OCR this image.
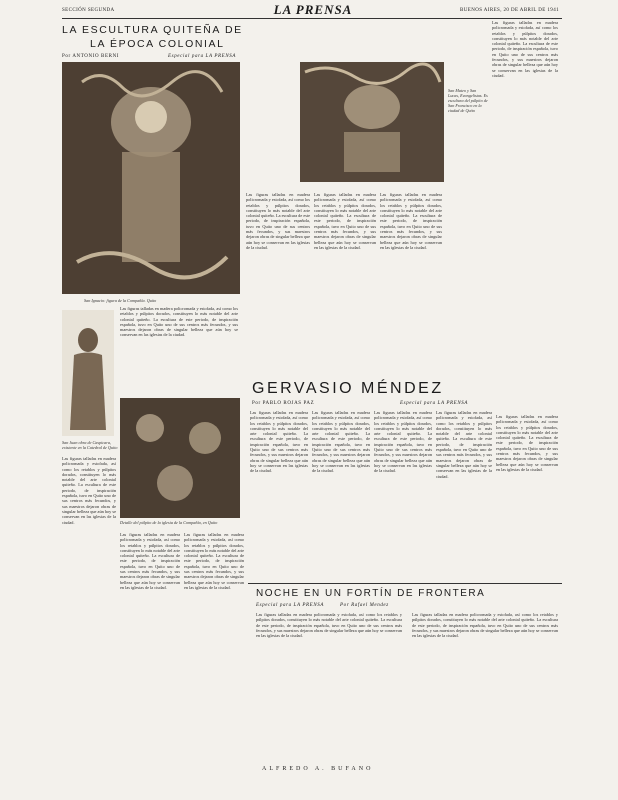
SECCIÓN SEGUNDA	LA PRENSA	BUENOS AIRES, 20 DE ABRIL DE 1941
LA ESCULTURA QUITEÑA DE
LA ÉPOCA COLONIAL
Por ANTONIO BERNI	Especial para LA PRENSA
San Ignacio: figura de la Compañía. Quito
Las figuras talladas en madera policromada y estofada, así como los retablos y púlpitos dorados, constituyen lo más notable del arte colonial quiteño. La escultura de este periodo, de inspiración española, tuvo en Quito uno de sus centros más fecundos, y sus maestros dejaron obras de singular belleza que aún hoy se conservan en las iglesias de la ciudad.
Las figuras talladas en madera policromada y estofada, así como los retablos y púlpitos dorados, constituyen lo más notable del arte colonial quiteño. La escultura de este periodo, de inspiración española, tuvo en Quito uno de sus centros más fecundos, y sus maestros dejaron obras de singular belleza que aún hoy se conservan en las iglesias de la ciudad.
Las figuras talladas en madera policromada y estofada, así como los retablos y púlpitos dorados, constituyen lo más notable del arte colonial quiteño. La escultura de este periodo, de inspiración española, tuvo en Quito uno de sus centros más fecundos, y sus maestros dejaron obras de singular belleza que aún hoy se conservan en las iglesias de la ciudad.
San Mateo y San Lucas, Evangelistas. Es escultura del púlpito de San Francisco en la ciudad de Quito
Las figuras talladas en madera policromada y estofada, así como los retablos y púlpitos dorados, constituyen lo más notable del arte colonial quiteño. La escultura de este periodo, de inspiración española, tuvo en Quito uno de sus centros más fecundos, y sus maestros dejaron obras de singular belleza que aún hoy se conservan en las iglesias de la ciudad.
Las figuras talladas en madera policromada y estofada, así como los retablos y púlpitos dorados, constituyen lo más notable del arte colonial quiteño. La escultura de este periodo, de inspiración española, tuvo en Quito uno de sus centros más fecundos, y sus maestros dejaron obras de singular belleza que aún hoy se conservan en las iglesias de la ciudad.
San Juan obra de Caspicara, existente en la Catedral de Quito
Detalle del púlpito de la iglesia de la Compañía, en Quito
Las figuras talladas en madera policromada y estofada, así como los retablos y púlpitos dorados, constituyen lo más notable del arte colonial quiteño. La escultura de este periodo, de inspiración española, tuvo en Quito uno de sus centros más fecundos, y sus maestros dejaron obras de singular belleza que aún hoy se conservan en las iglesias de la ciudad.
Las figuras talladas en madera policromada y estofada, así como los retablos y púlpitos dorados, constituyen lo más notable del arte colonial quiteño. La escultura de este periodo, de inspiración española, tuvo en Quito uno de sus centros más fecundos, y sus maestros dejaron obras de singular belleza que aún hoy se conservan en las iglesias de la ciudad.
Las figuras talladas en madera policromada y estofada, así como los retablos y púlpitos dorados, constituyen lo más notable del arte colonial quiteño. La escultura de este periodo, de inspiración española, tuvo en Quito uno de sus centros más fecundos, y sus maestros dejaron obras de singular belleza que aún hoy se conservan en las iglesias de la ciudad.
GERVASIO MÉNDEZ
Por PABLO ROJAS PAZ	Especial para LA PRENSA
Las figuras talladas en madera policromada y estofada, así como los retablos y púlpitos dorados, constituyen lo más notable del arte colonial quiteño. La escultura de este periodo, de inspiración española, tuvo en Quito uno de sus centros más fecundos, y sus maestros dejaron obras de singular belleza que aún hoy se conservan en las iglesias de la ciudad.
Las figuras talladas en madera policromada y estofada, así como los retablos y púlpitos dorados, constituyen lo más notable del arte colonial quiteño. La escultura de este periodo, de inspiración española, tuvo en Quito uno de sus centros más fecundos, y sus maestros dejaron obras de singular belleza que aún hoy se conservan en las iglesias de la ciudad.
Las figuras talladas en madera policromada y estofada, así como los retablos y púlpitos dorados, constituyen lo más notable del arte colonial quiteño. La escultura de este periodo, de inspiración española, tuvo en Quito uno de sus centros más fecundos, y sus maestros dejaron obras de singular belleza que aún hoy se conservan en las iglesias de la ciudad.
Las figuras talladas en madera policromada y estofada, así como los retablos y púlpitos dorados, constituyen lo más notable del arte colonial quiteño. La escultura de este periodo, de inspiración española, tuvo en Quito uno de sus centros más fecundos, y sus maestros dejaron obras de singular belleza que aún hoy se conservan en las iglesias de la ciudad.
Las figuras talladas en madera policromada y estofada, así como los retablos y púlpitos dorados, constituyen lo más notable del arte colonial quiteño. La escultura de este periodo, de inspiración española, tuvo en Quito uno de sus centros más fecundos, y sus maestros dejaron obras de singular belleza que aún hoy se conservan en las iglesias de la ciudad.
NOCHE EN UN FORTÍN DE FRONTERA
Especial para LA PRENSA	Por Rafael Mendez
Las figuras talladas en madera policromada y estofada, así como los retablos y púlpitos dorados, constituyen lo más notable del arte colonial quiteño. La escultura de este periodo, de inspiración española, tuvo en Quito uno de sus centros más fecundos, y sus maestros dejaron obras de singular belleza que aún hoy se conservan en las iglesias de la ciudad.
Las figuras talladas en madera policromada y estofada, así como los retablos y púlpitos dorados, constituyen lo más notable del arte colonial quiteño. La escultura de este periodo, de inspiración española, tuvo en Quito uno de sus centros más fecundos, y sus maestros dejaron obras de singular belleza que aún hoy se conservan en las iglesias de la ciudad.
ALFREDO A. BUFANO
